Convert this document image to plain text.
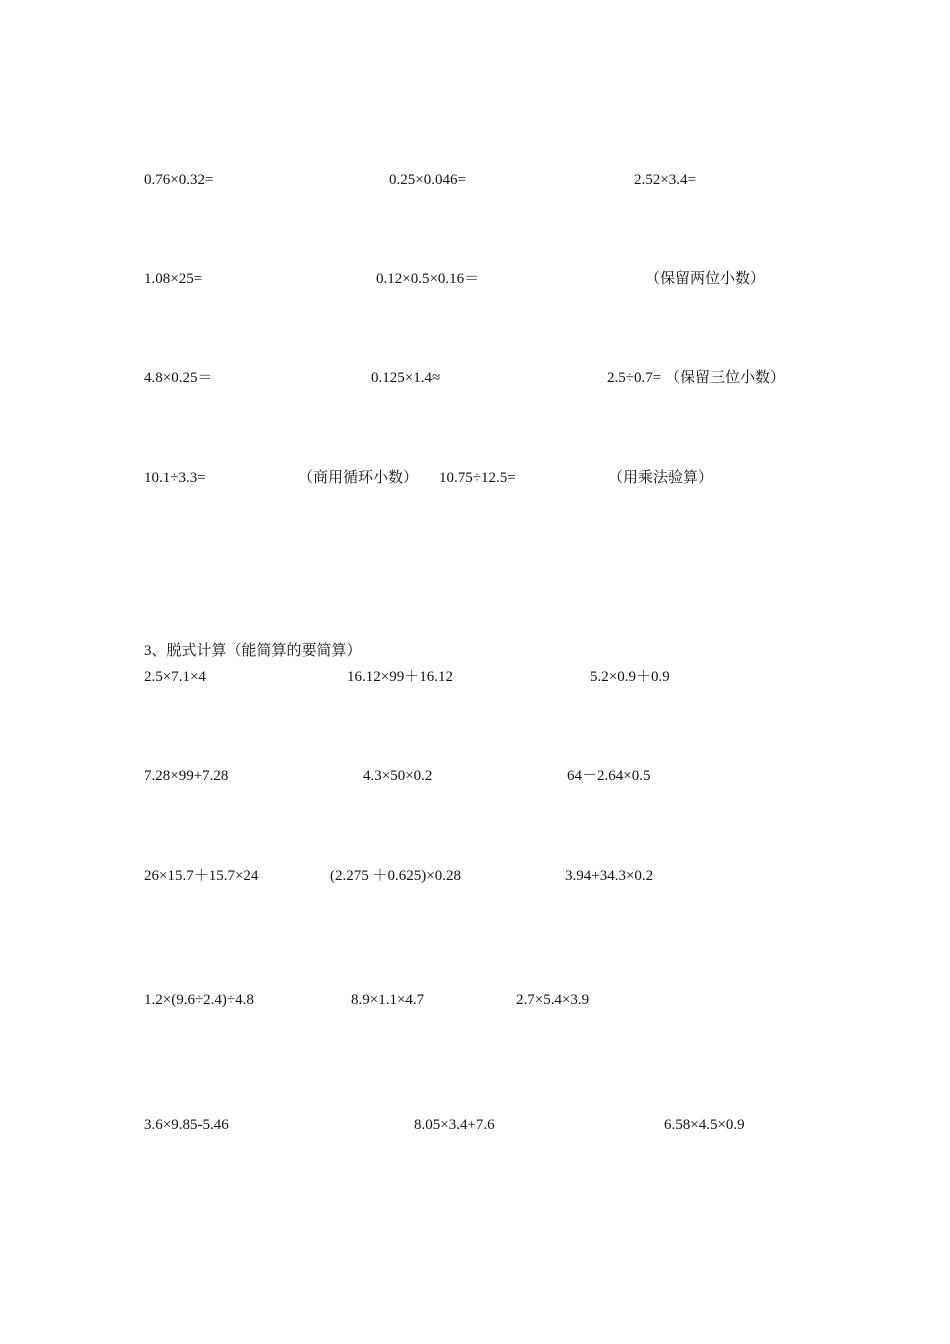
0.76×0.32=	0.25×0.046=	2.52×3.4=
1.08×25=	0.12×0.5×0.16＝	（保留两位小数）
4.8×0.25＝	0.125×1.4≈	2.5÷0.7= （保留三位小数）
10.1÷3.3=	（商用循环小数） 10.75÷12.5=	（用乘法验算）
3、脱式计算（能简算的要简算）
2.5×7.1×4	16.12×99＋16.12	5.2×0.9＋0.9
7.28×99+7.28	4.3×50×0.2	64－2.64×0.5
26×15.7＋15.7×24	(2.275 ＋0.625)×0.28	3.94+34.3×0.2
1.2×(9.6÷2.4)÷4.8	8.9×1.1×4.7	2.7×5.4×3.9
3.6×9.85-5.46	8.05×3.4+7.6	6.58×4.5×0.9
